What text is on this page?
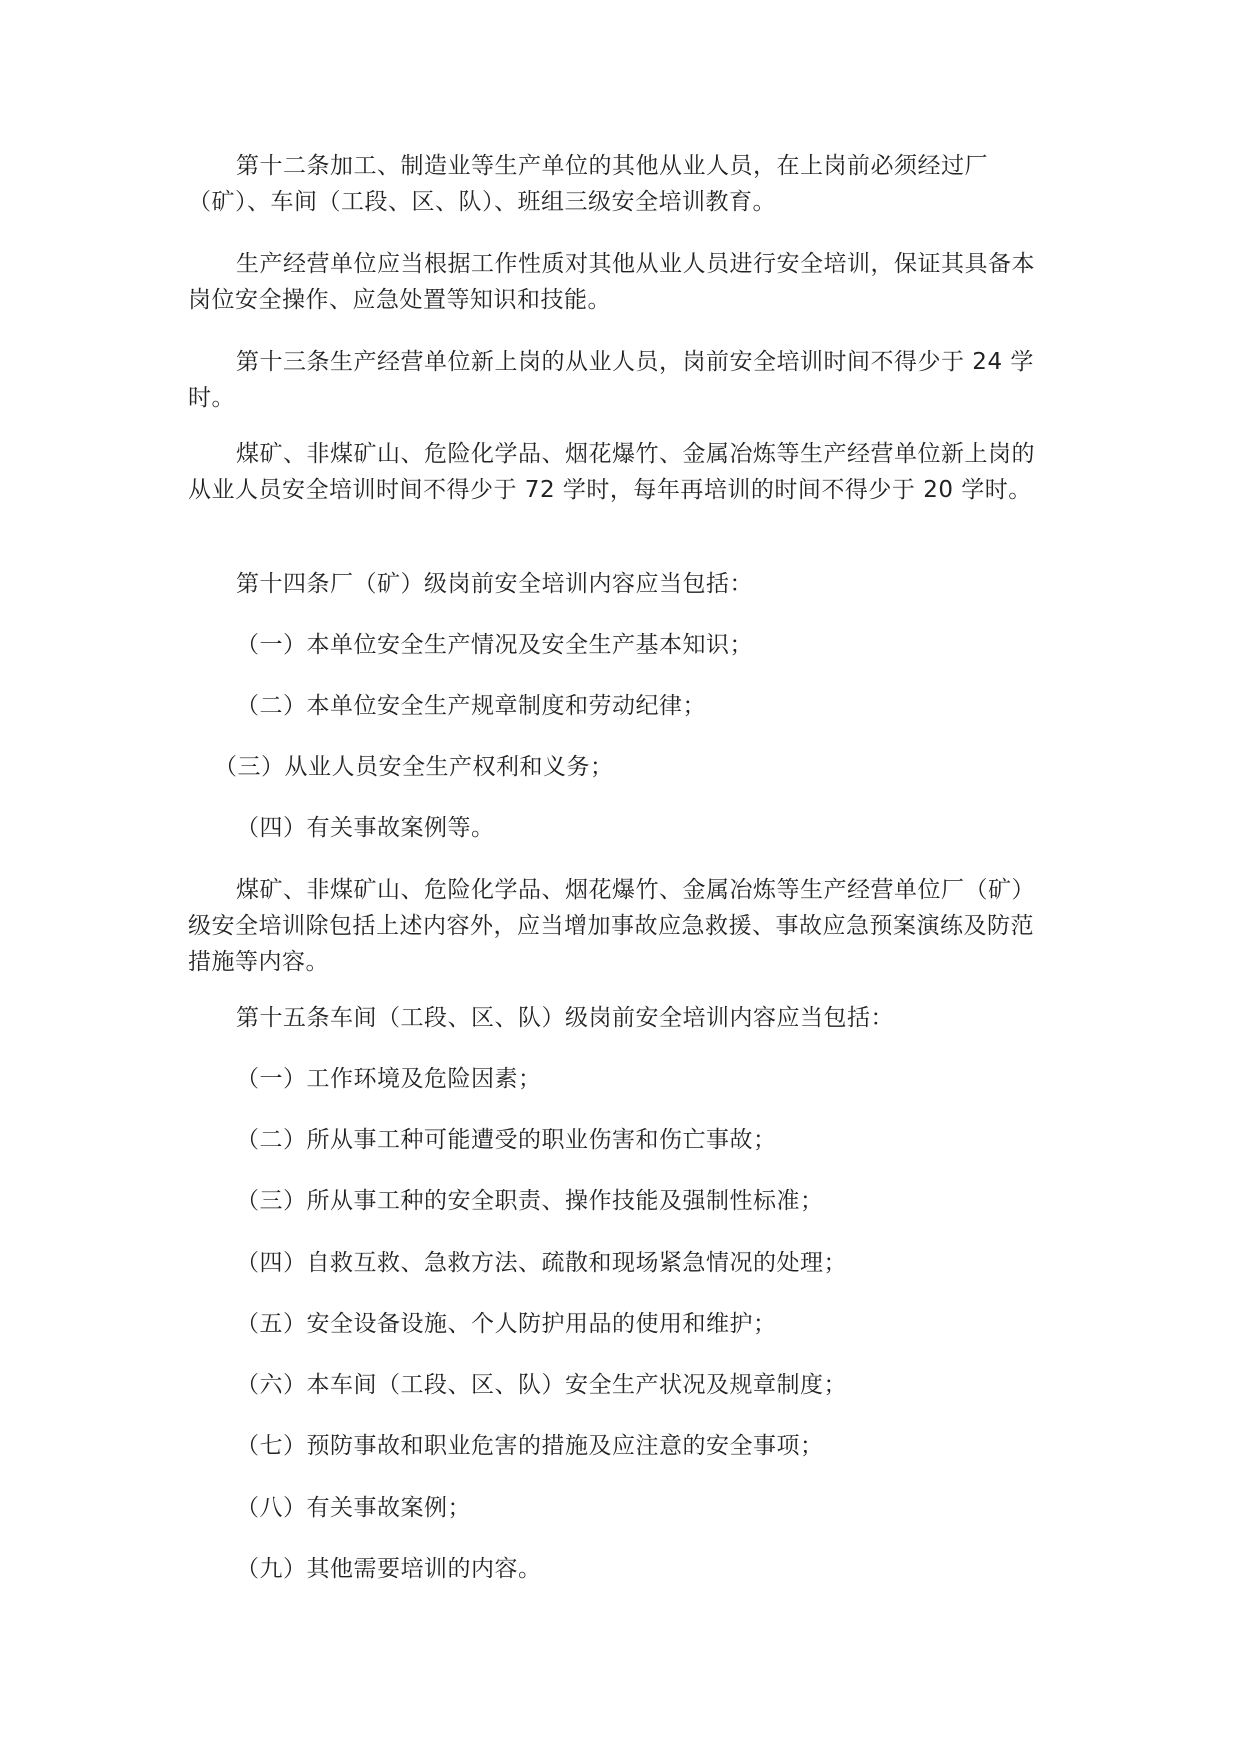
第十二条加工、制造业等生产单位的其他从业人员，在上岗前必须经过厂（矿）、车间（工段、区、队）、班组三级安全培训教育。

生产经营单位应当根据工作性质对其他从业人员进行安全培训，保证其具备本岗位安全操作、应急处置等知识和技能。

第十三条生产经营单位新上岗的从业人员，岗前安全培训时间不得少于 24 学时。

煤矿、非煤矿山、危险化学品、烟花爆竹、金属冶炼等生产经营单位新上岗的从业人员安全培训时间不得少于 72 学时，每年再培训的时间不得少于 20 学时。

第十四条厂（矿）级岗前安全培训内容应当包括：

（一）本单位安全生产情况及安全生产基本知识；

（二）本单位安全生产规章制度和劳动纪律；

（三）从业人员安全生产权利和义务；

（四）有关事故案例等。

煤矿、非煤矿山、危险化学品、烟花爆竹、金属冶炼等生产经营单位厂（矿）级安全培训除包括上述内容外，应当增加事故应急救援、事故应急预案演练及防范措施等内容。

第十五条车间（工段、区、队）级岗前安全培训内容应当包括：

（一）工作环境及危险因素；

（二）所从事工种可能遭受的职业伤害和伤亡事故；

（三）所从事工种的安全职责、操作技能及强制性标准；

（四）自救互救、急救方法、疏散和现场紧急情况的处理；

（五）安全设备设施、个人防护用品的使用和维护；

（六）本车间（工段、区、队）安全生产状况及规章制度；

（七）预防事故和职业危害的措施及应注意的安全事项；

（八）有关事故案例；

（九）其他需要培训的内容。
